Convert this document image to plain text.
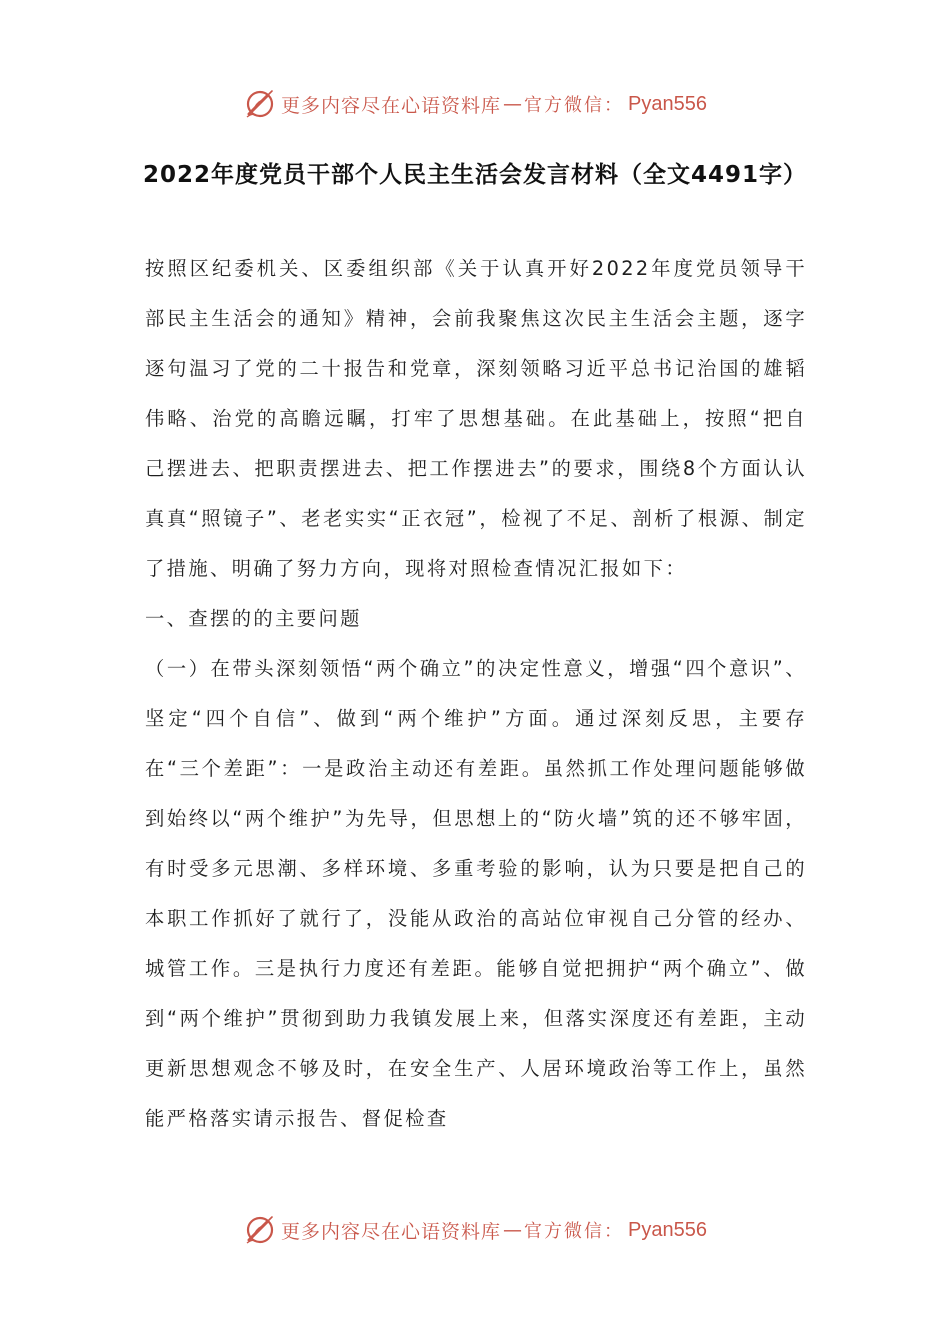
更多内容尽在心语资料库 — 官方微信： Pyan556
2022年度党员干部个人民主生活会发言材料（全文4491字）

按照区纪委机关、区委组织部《关于认真开好2022年度党员领导干部民主生活会的通知》精神，会前我聚焦这次民主生活会主题，逐字逐句温习了党的二十报告和党章，深刻领略习近平总书记治国的雄韬伟略、治党的高瞻远瞩，打牢了思想基础。在此基础上，按照“把自己摆进去、把职责摆进去、把工作摆进去”的要求，围绕8个方面认认真真“照镜子”、老老实实“正衣冠”，检视了不足、剖析了根源、制定了措施、明确了努力方向，现将对照检查情况汇报如下：

一、查摆的的主要问题

（一）在带头深刻领悟“两个确立”的决定性意义，增强“四个意识”、坚定“四个自信”、做到“两个维护”方面。通过深刻反思，主要存在“三个差距”：一是政治主动还有差距。虽然抓工作处理问题能够做到始终以“两个维护”为先导，但思想上的“防火墙”筑的还不够牢固，有时受多元思潮、多样环境、多重考验的影响，认为只要是把自己的本职工作抓好了就行了，没能从政治的高站位审视自己分管的经办、城管工作。三是执行力度还有差距。能够自觉把拥护“两个确立”、做到“两个维护”贯彻到助力我镇发展上来，但落实深度还有差距，主动更新思想观念不够及时，在安全生产、人居环境政治等工作上，虽然能严格落实请示报告、督促检查

更多内容尽在心语资料库 — 官方微信： Pyan556
